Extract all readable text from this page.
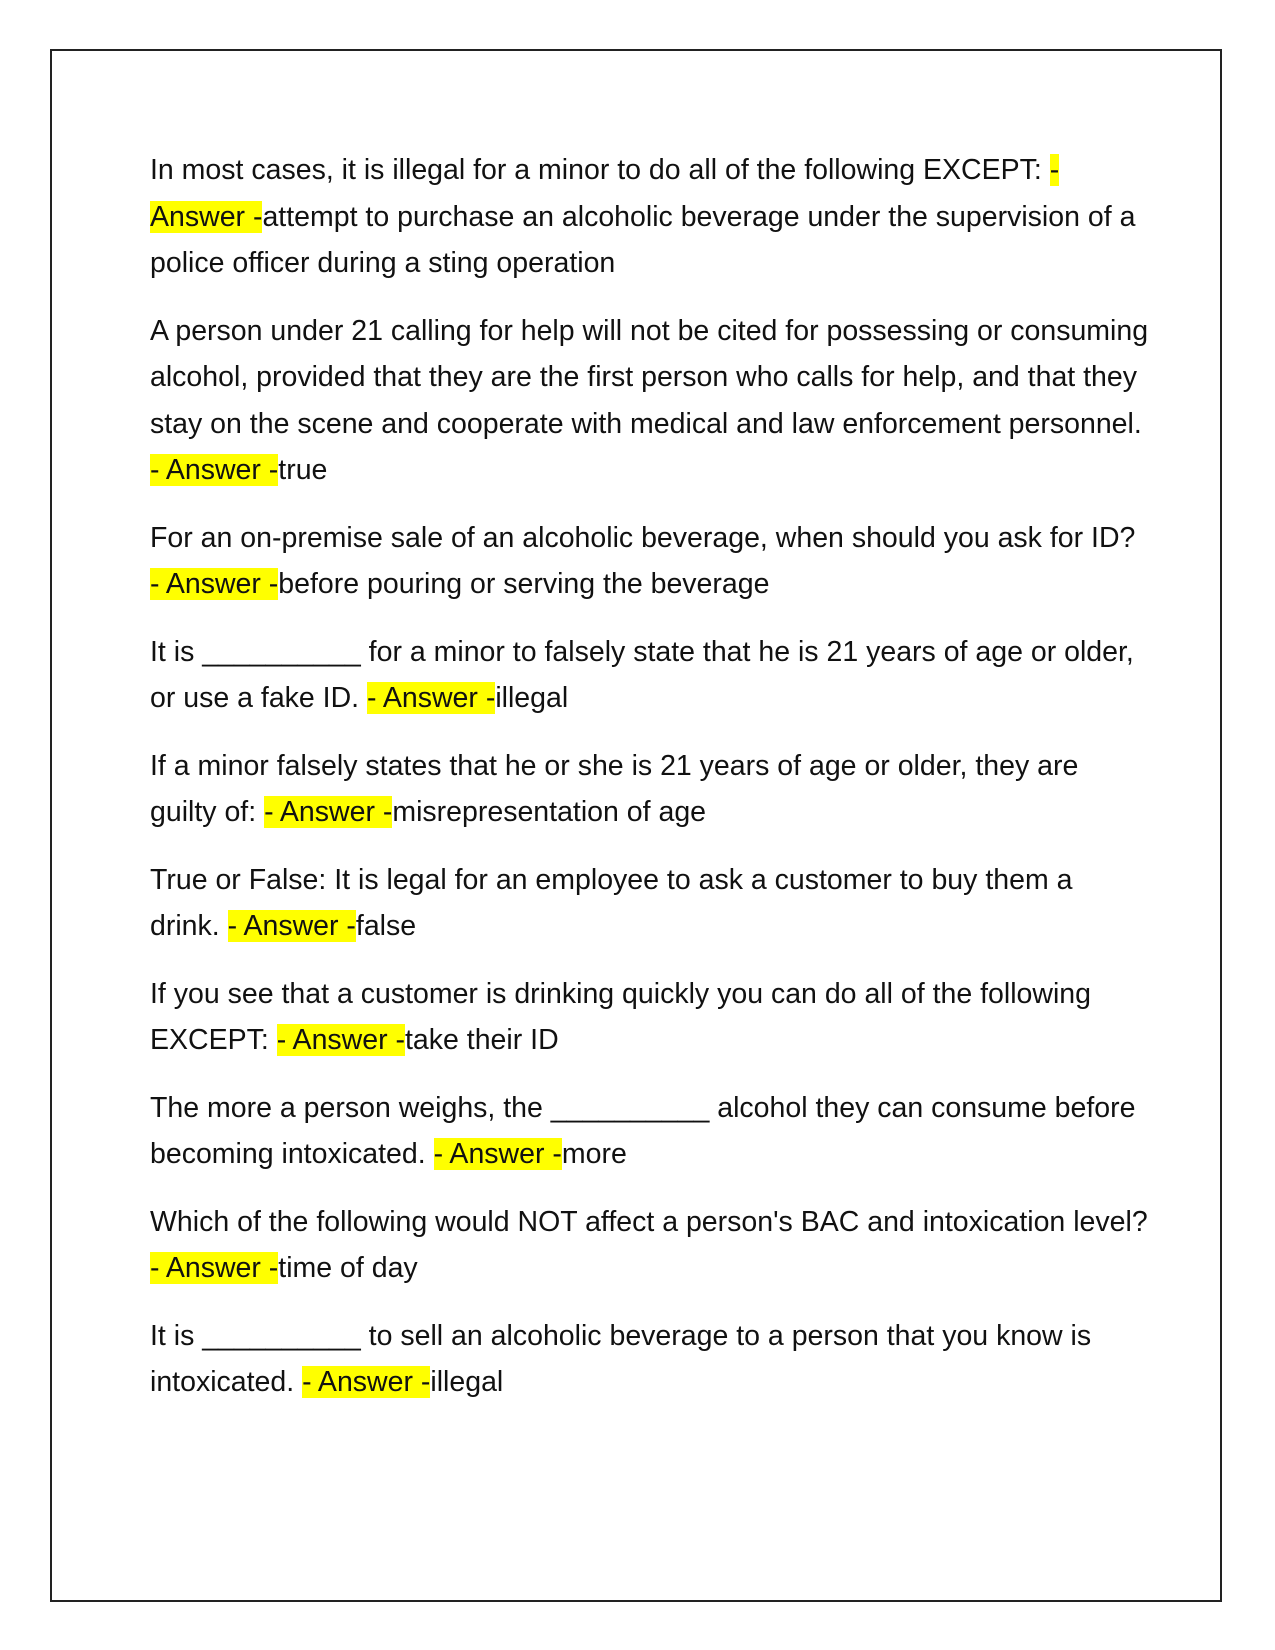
In most cases, it is illegal for a minor to do all of the following EXCEPT: - Answer -attempt to purchase an alcoholic beverage under the supervision of a police officer during a sting operation

A person under 21 calling for help will not be cited for possessing or consuming alcohol, provided that they are the first person who calls for help, and that they stay on the scene and cooperate with medical and law enforcement personnel. - Answer -true

For an on-premise sale of an alcoholic beverage, when should you ask for ID? - Answer -before pouring or serving the beverage

It is __________ for a minor to falsely state that he is 21 years of age or older, or use a fake ID. - Answer -illegal

If a minor falsely states that he or she is 21 years of age or older, they are guilty of: - Answer -misrepresentation of age

True or False: It is legal for an employee to ask a customer to buy them a drink. - Answer -false

If you see that a customer is drinking quickly you can do all of the following EXCEPT: - Answer -take their ID

The more a person weighs, the __________ alcohol they can consume before becoming intoxicated. - Answer -more

Which of the following would NOT affect a person's BAC and intoxication level? - Answer -time of day

It is __________ to sell an alcoholic beverage to a person that you know is intoxicated. - Answer -illegal
